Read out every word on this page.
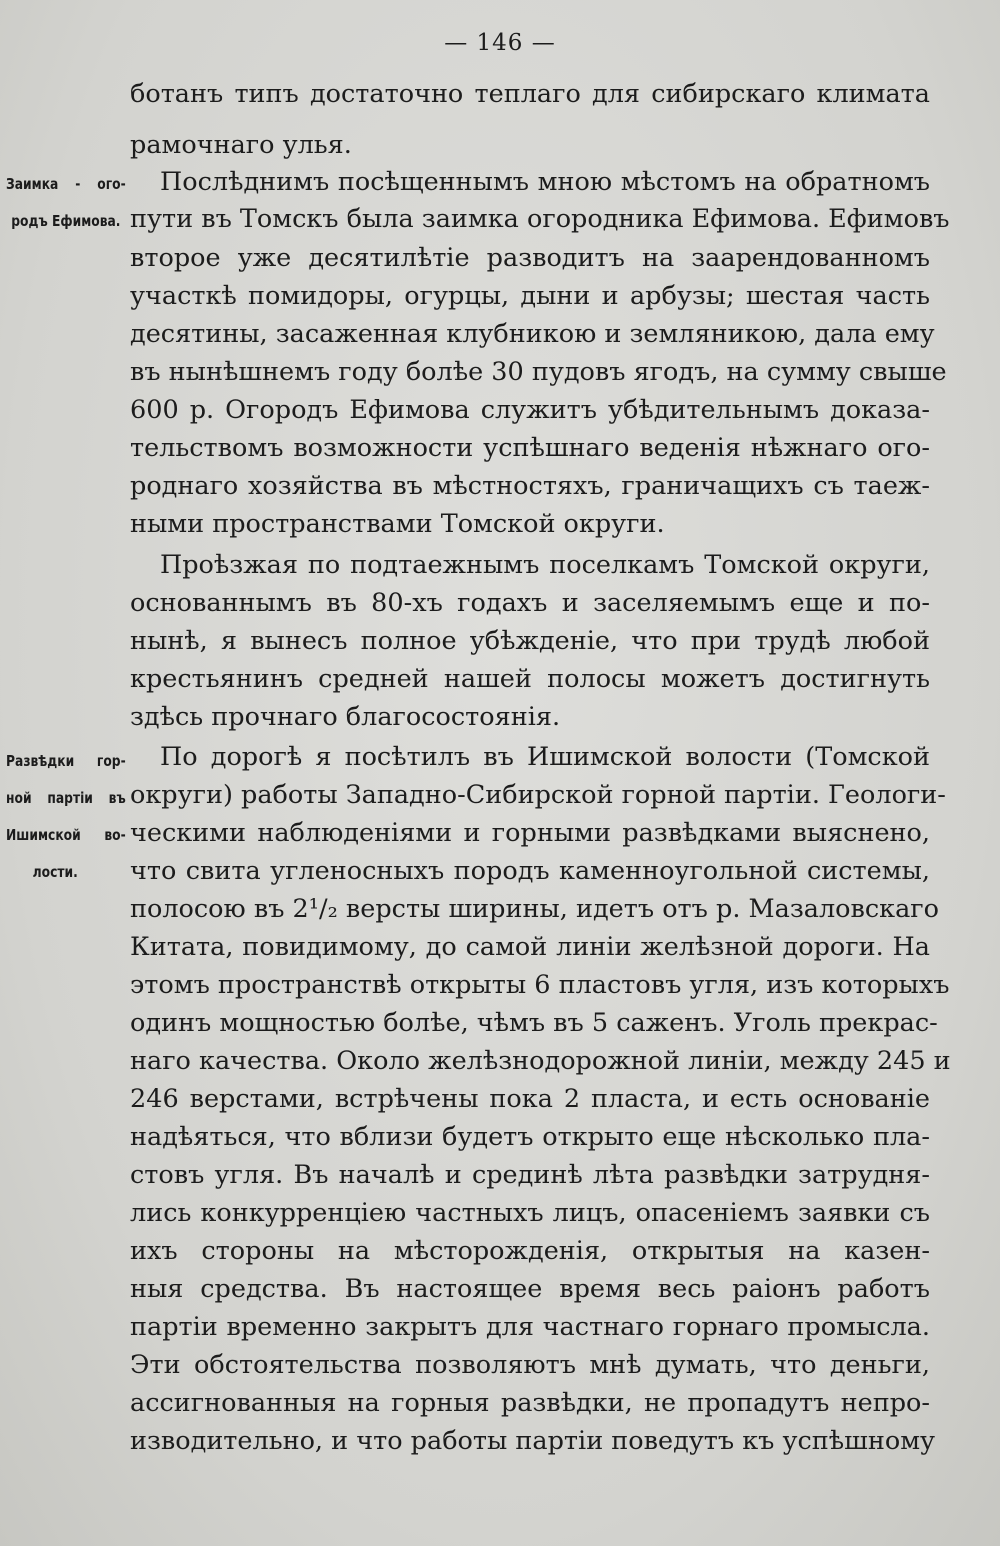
— 146 —
Заимка - ого-
родъ Ефимова.
Развѣдки гор-
ной партіи въ
Ишимской во-
лости.
ботанъ типъ достаточно теплаго для сибирскаго климата
рамочнаго улья.
Послѣднимъ посѣщеннымъ мною мѣстомъ на обратномъ
пути въ Томскъ была заимка огородника Ефимова. Ефимовъ
второе уже десятилѣтіе разводитъ на заарендованномъ
участкѣ помидоры, огурцы, дыни и арбузы; шестая часть
десятины, засаженная клубникою и земляникою, дала ему
въ нынѣшнемъ году болѣе 30 пудовъ ягодъ, на сумму свыше
600 р. Огородъ Ефимова служитъ убѣдительнымъ доказа-
тельствомъ возможности успѣшнаго веденія нѣжнаго ого-
роднаго хозяйства въ мѣстностяхъ, граничащихъ съ таеж-
ными пространствами Томской округи.
Проѣзжая по подтаежнымъ поселкамъ Томской округи,
основаннымъ въ 80-хъ годахъ и заселяемымъ еще и по-
нынѣ, я вынесъ полное убѣжденіе, что при трудѣ любой
крестьянинъ средней нашей полосы можетъ достигнуть
здѣсь прочнаго благосостоянія.
По дорогѣ я посѣтилъ въ Ишимской волости (Томской
округи) работы Западно-Сибирской горной партіи. Геологи-
ческими наблюденіями и горными развѣдками выяснено,
что свита угленосныхъ породъ каменноугольной системы,
полосою въ 2¹/₂ версты ширины, идетъ отъ р. Мазаловскаго
Китата, повидимому, до самой линіи желѣзной дороги. На
этомъ пространствѣ открыты 6 пластовъ угля, изъ которыхъ
одинъ мощностью болѣе, чѣмъ въ 5 саженъ. Уголь прекрас-
наго качества. Около желѣзнодорожной линіи, между 245 и
246 верстами, встрѣчены пока 2 пласта, и есть основаніе
надѣяться, что вблизи будетъ открыто еще нѣсколько пла-
стовъ угля. Въ началѣ и срединѣ лѣта развѣдки затрудня-
лись конкурренціею частныхъ лицъ, опасеніемъ заявки съ
ихъ стороны на мѣсторожденія, открытыя на казен-
ныя средства. Въ настоящее время весь раіонъ работъ
партіи временно закрытъ для частнаго горнаго промысла.
Эти обстоятельства позволяютъ мнѣ думать, что деньги,
ассигнованныя на горныя развѣдки, не пропадутъ непро-
изводительно, и что работы партіи поведутъ къ успѣшному
